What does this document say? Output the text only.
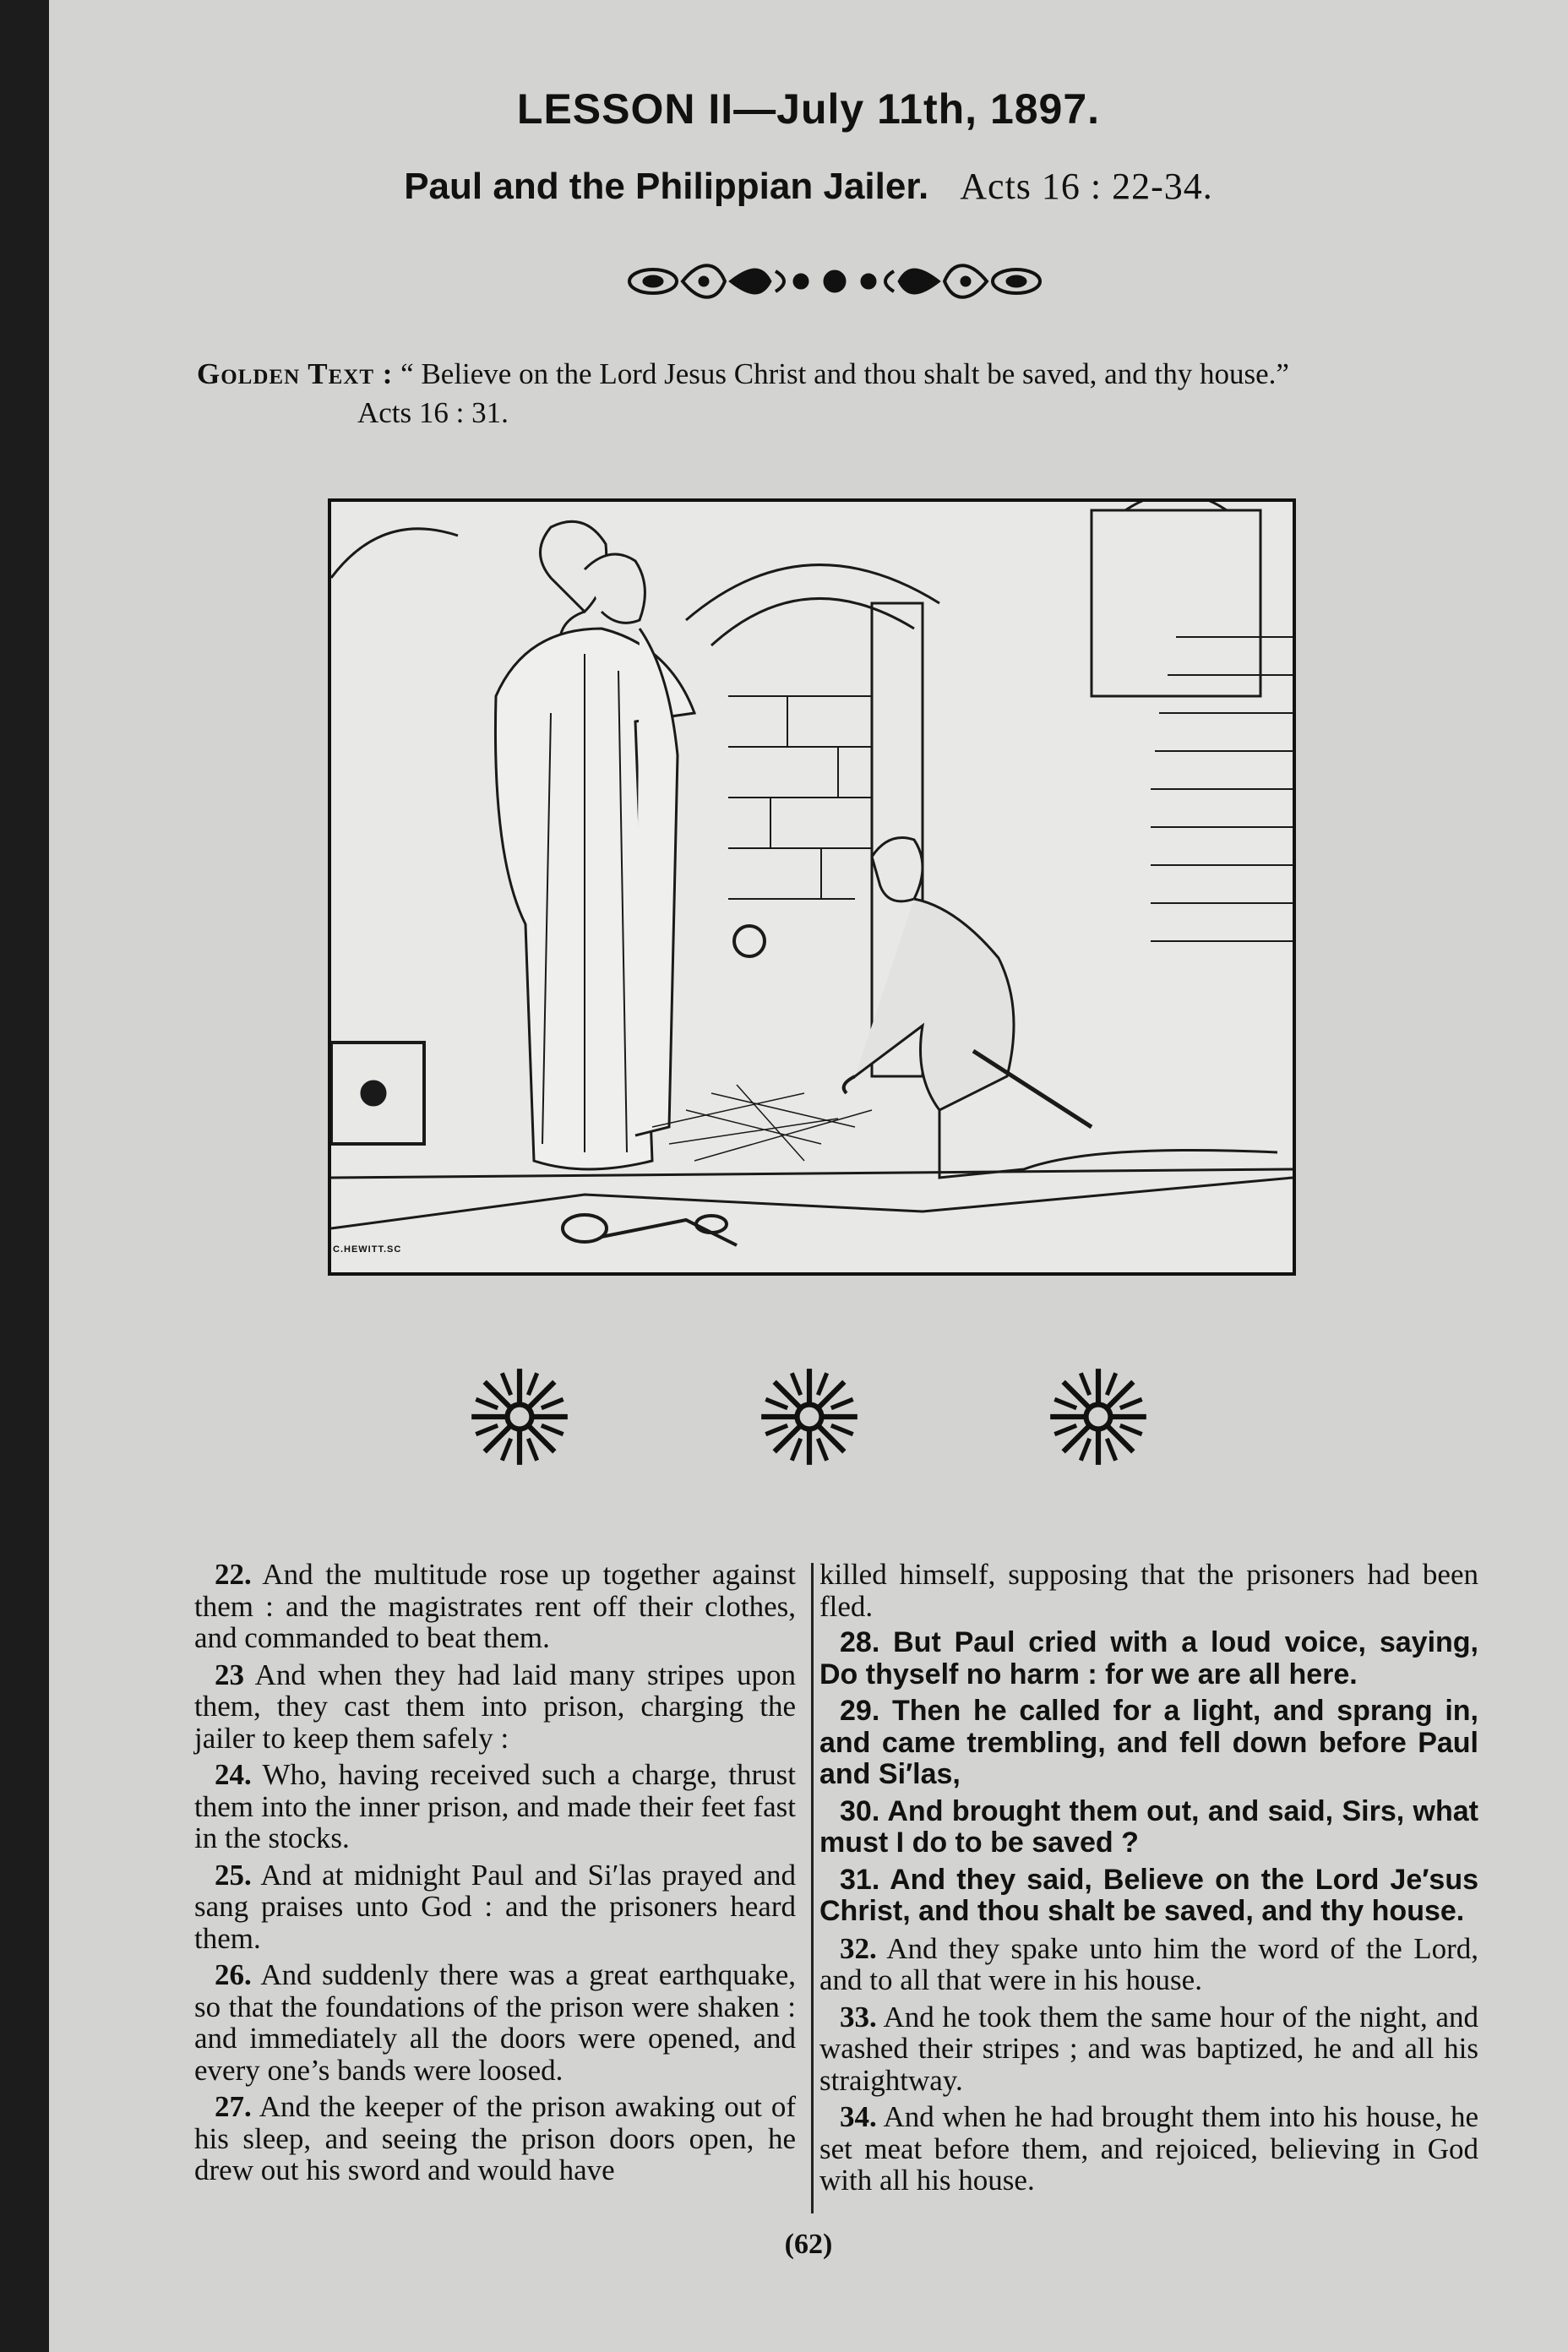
LESSON II—July 11th, 1897.
Paul and the Philippian Jailer. Acts 16 : 22-34.
Golden Text : “ Believe on the Lord Jesus Christ and thou shalt be saved, and thy house.”
Acts 16 : 31.
C.HEWITT.SC

22. And the multitude rose up together against them : and the magistrates rent off their clothes, and commanded to beat them.

23 And when they had laid many stripes upon them, they cast them into prison, charging the jailer to keep them safely :

24. Who, having received such a charge, thrust them into the inner prison, and made their feet fast in the stocks.

25. And at midnight Paul and Si′las prayed and sang praises unto God : and the prisoners heard them.

26. And suddenly there was a great earthquake, so that the foundations of the prison were shaken : and immediately all the doors were opened, and every one’s bands were loosed.

27. And the keeper of the prison awaking out of his sleep, and seeing the prison doors open, he drew out his sword and would have

killed himself, supposing that the prisoners had been fled.

28. But Paul cried with a loud voice, saying, Do thyself no harm : for we are all here.

29. Then he called for a light, and sprang in, and came trembling, and fell down before Paul and Si′las,

30. And brought them out, and said, Sirs, what must I do to be saved ?

31. And they said, Believe on the Lord Je′sus Christ, and thou shalt be saved, and thy house.

32. And they spake unto him the word of the Lord, and to all that were in his house.

33. And he took them the same hour of the night, and washed their stripes ; and was baptized, he and all his straightway.

34. And when he had brought them into his house, he set meat before them, and rejoiced, believing in God with all his house.

(62)
